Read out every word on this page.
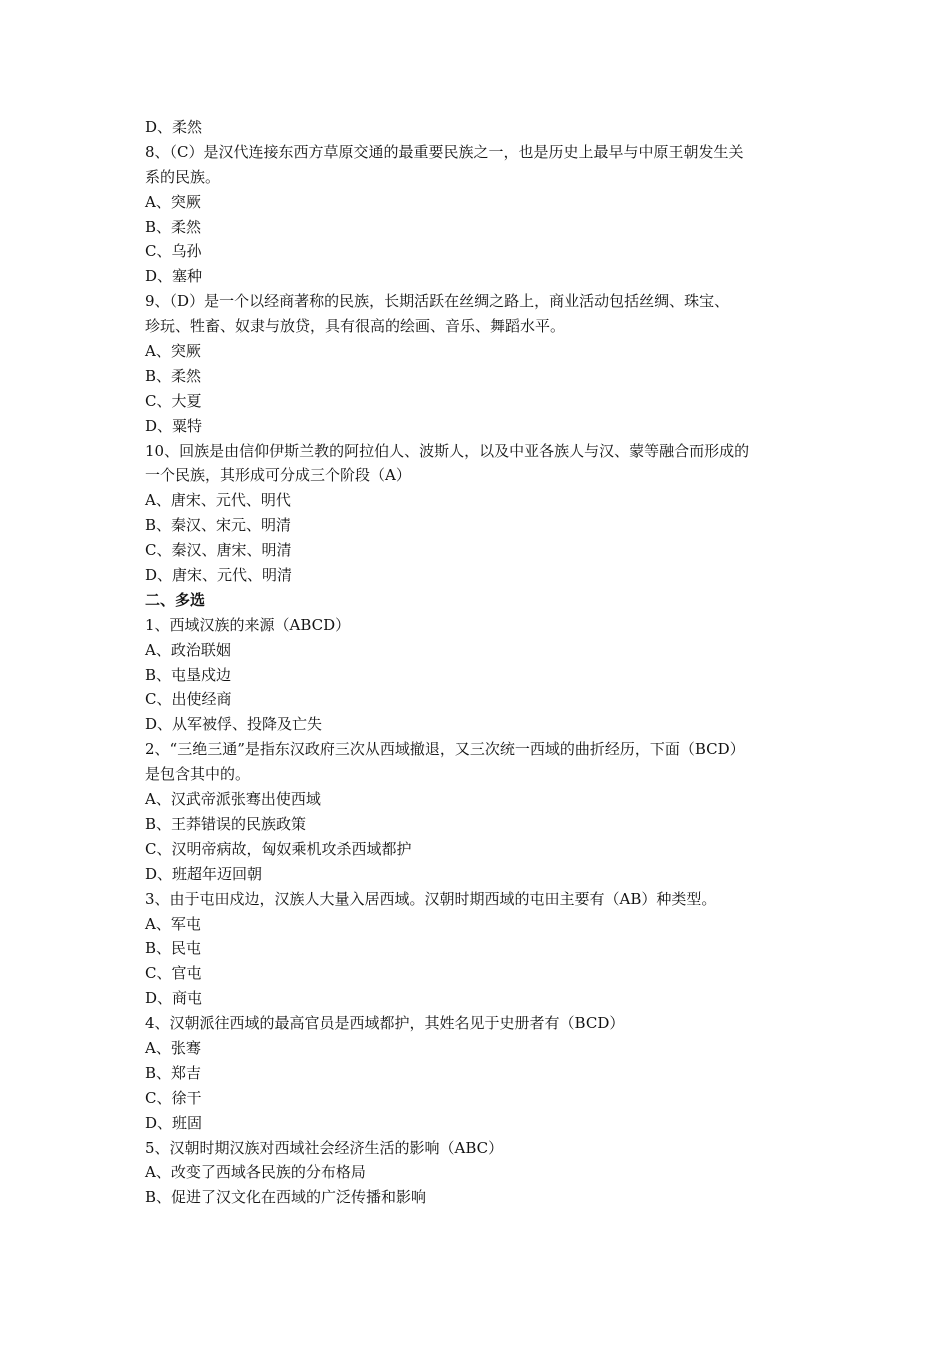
D、柔然
8、（C）是汉代连接东西方草原交通的最重要民族之一，也是历史上最早与中原王朝发生关
系的民族。
A、突厥
B、柔然
C、乌孙
D、塞种
9、（D）是一个以经商著称的民族，长期活跃在丝绸之路上，商业活动包括丝绸、珠宝、
珍玩、牲畜、奴隶与放贷，具有很高的绘画、音乐、舞蹈水平。
A、突厥
B、柔然
C、大夏
D、粟特
10、回族是由信仰伊斯兰教的阿拉伯人、波斯人，以及中亚各族人与汉、蒙等融合而形成的
一个民族，其形成可分成三个阶段（A）
A、唐宋、元代、明代
B、秦汉、宋元、明清
C、秦汉、唐宋、明清
D、唐宋、元代、明清
二、多选
1、西域汉族的来源（ABCD）
A、政治联姻
B、屯垦戍边
C、出使经商
D、从军被俘、投降及亡失
2、“三绝三通”是指东汉政府三次从西域撤退，又三次统一西域的曲折经历，下面（BCD）
是包含其中的。
A、汉武帝派张骞出使西域
B、王莽错误的民族政策
C、汉明帝病故，匈奴乘机攻杀西域都护
D、班超年迈回朝
3、由于屯田戍边，汉族人大量入居西域。汉朝时期西域的屯田主要有（AB）种类型。
A、军屯
B、民屯
C、官屯
D、商屯
4、汉朝派往西域的最高官员是西域都护，其姓名见于史册者有（BCD）
A、张骞
B、郑吉
C、徐干
D、班固
5、汉朝时期汉族对西域社会经济生活的影响（ABC）
A、改变了西域各民族的分布格局
B、促进了汉文化在西域的广泛传播和影响
